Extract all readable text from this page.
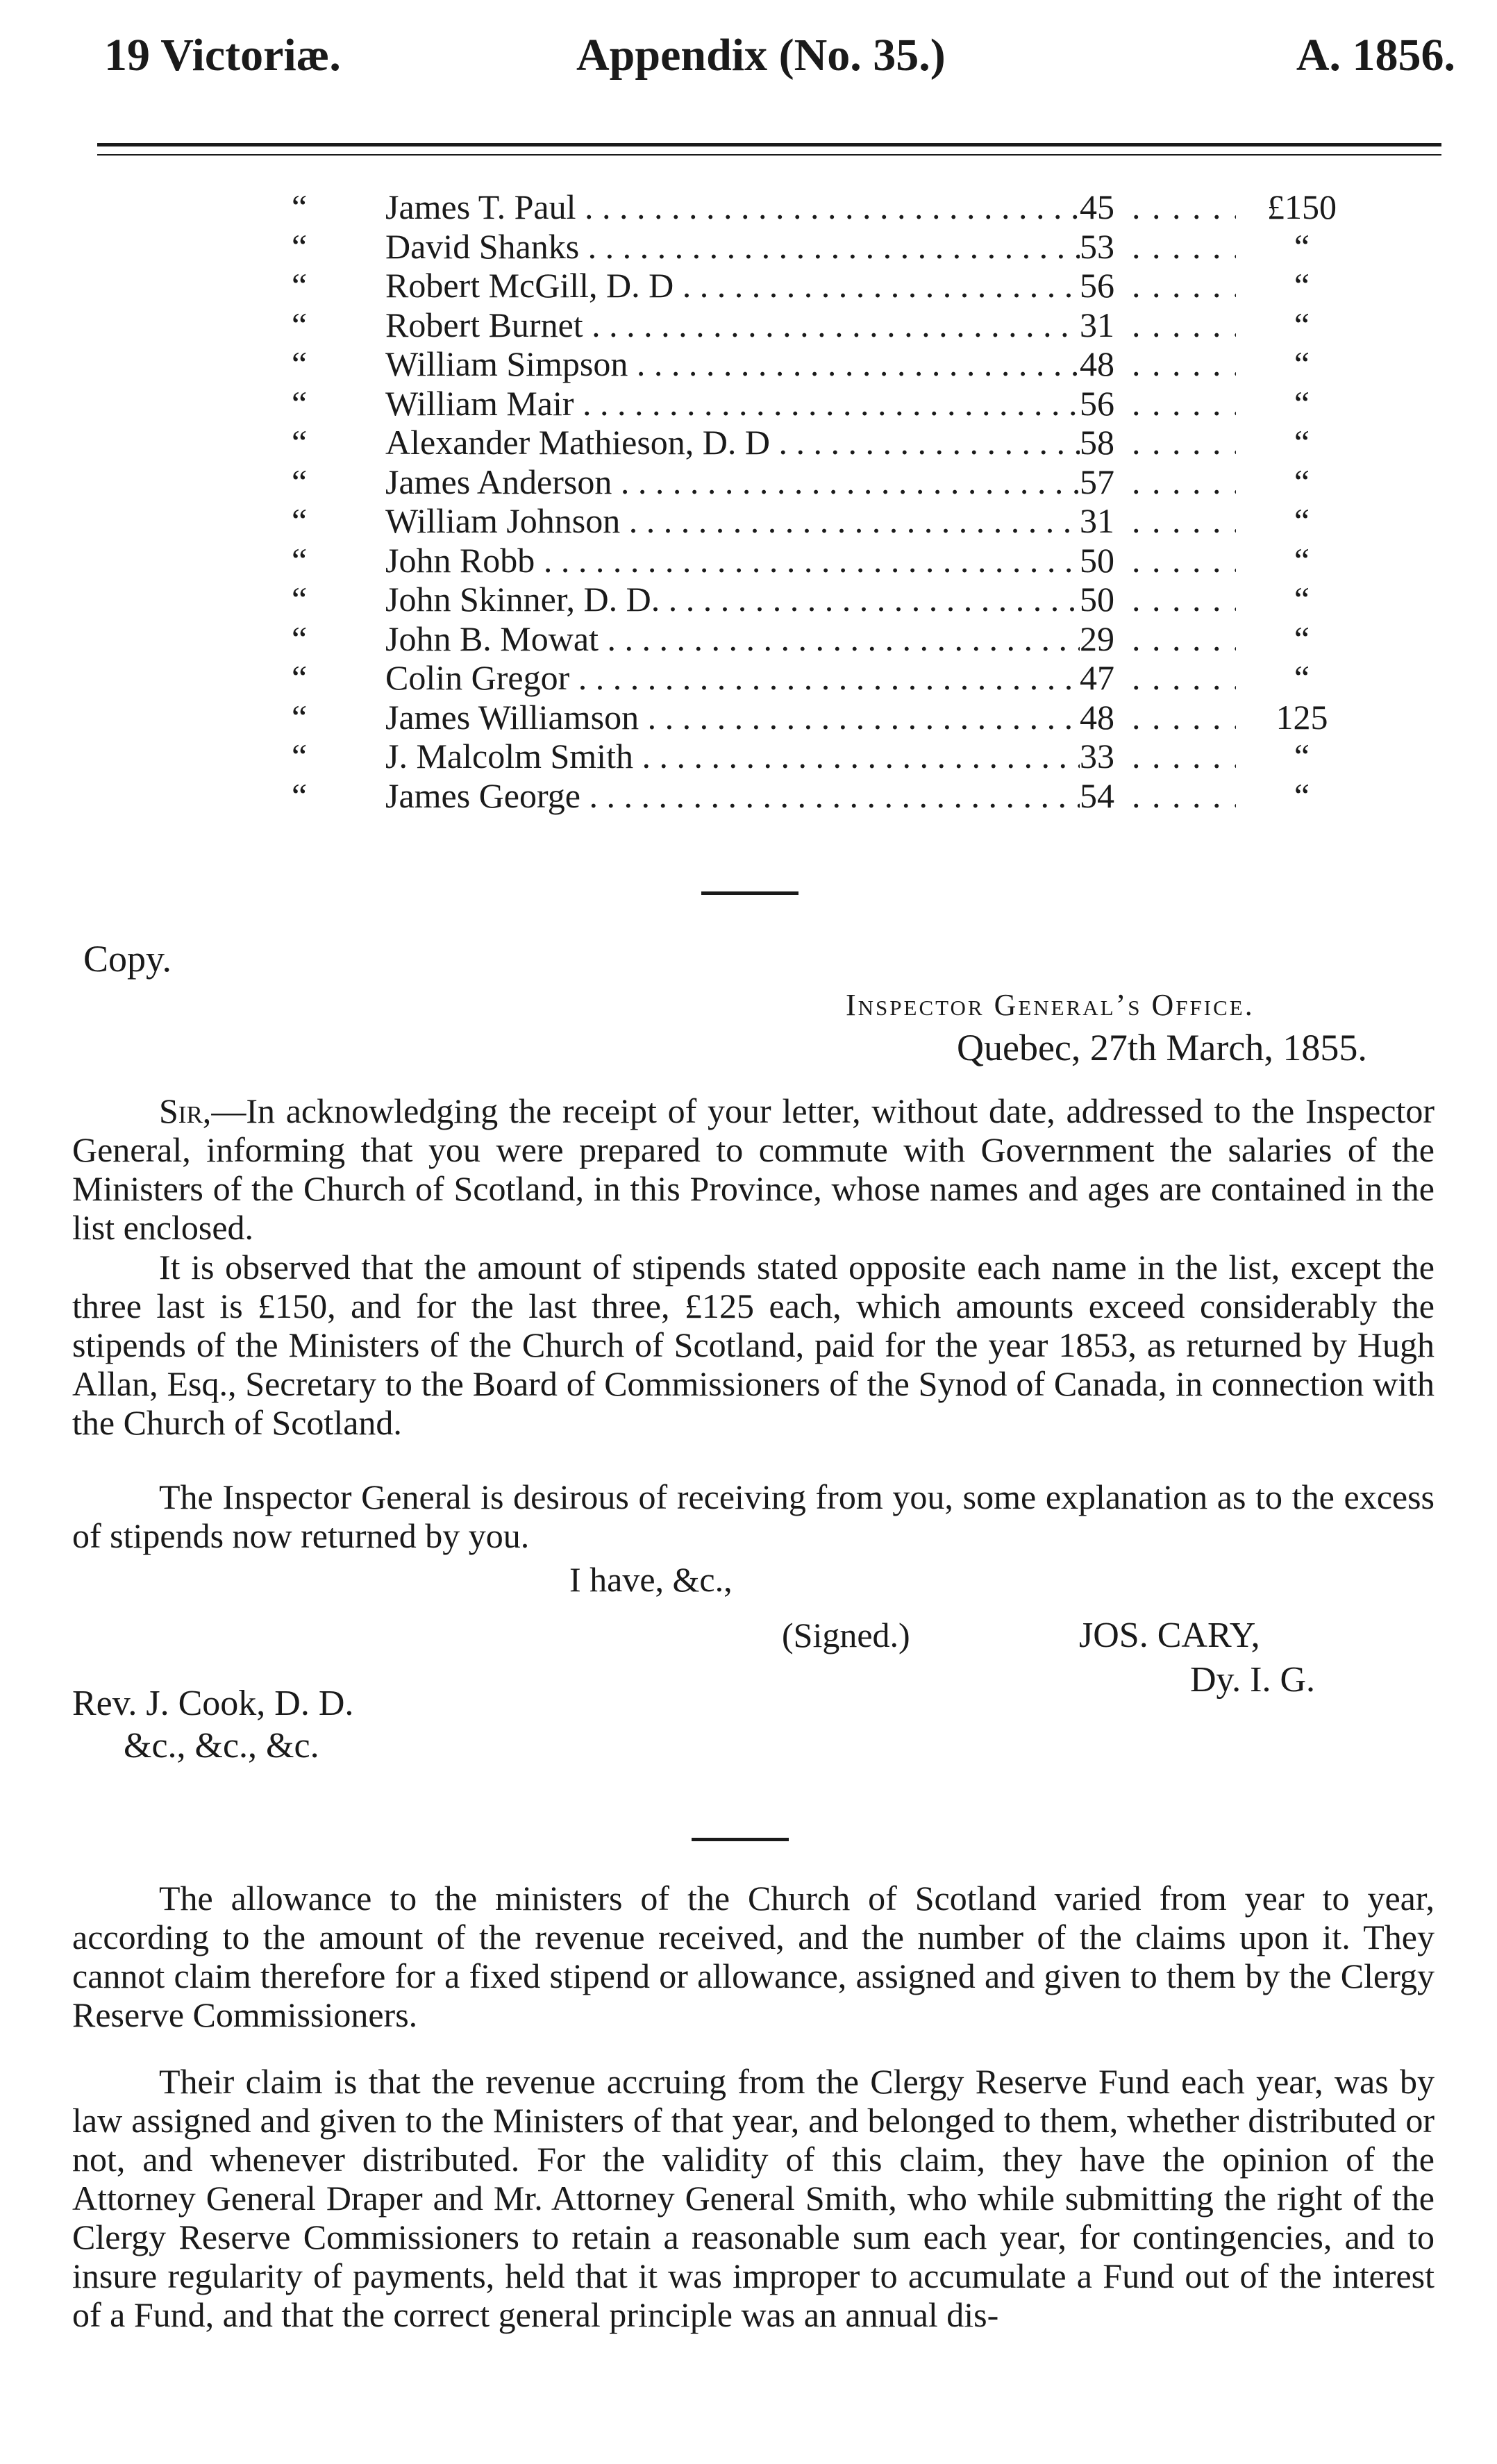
19 Victoriæ.	Appendix (No. 35.)	A. 1856.
“ James T. Paul . . .	45 . . .	£150
“ David Shanks . . .	53 . . .	“
“ Robert McGill, D. D . . .	56 . . .	“
“ Robert Burnet . . .	31 . . .	“
“ William Simpson . . .	48 . . .	“
“ William Mair . . .	56 . . .	“
“ Alexander Mathieson, D. D . . .	58 . . .	“
“ James Anderson . . .	57 . . .	“
“ William Johnson . . .	31 . . .	“
“ John Robb . . .	50 . . .	“
“ John Skinner, D. D. . . .	50 . . .	“
“ John B. Mowat . . .	29 . . .	“
“ Colin Gregor . . .	47 . . .	“
“ James Williamson . . .	48 . . .	125
“ J. Malcolm Smith . . .	33 . . .	“
“ James George . . .	54 . . .	“
Copy.
Inspector General’s Office.
Quebec, 27th March, 1855.

Sir,—In acknowledging the receipt of your letter, without date, addressed to the Inspector General, informing that you were prepared to commute with Government the salaries of the Ministers of the Church of Scotland, in this Province, whose names and ages are contained in the list enclosed.

It is observed that the amount of stipends stated opposite each name in the list, except the three last is £150, and for the last three, £125 each, which amounts exceed considerably the stipends of the Ministers of the Church of Scotland, paid for the year 1853, as returned by Hugh Allan, Esq., Secretary to the Board of Commissioners of the Synod of Canada, in connection with the Church of Scotland.

The Inspector General is desirous of receiving from you, some explanation as to the excess of stipends now returned by you.

I have, &c.,
(Signed.)	JOS. CARY,
Dy. I. G.
Rev. J. Cook, D. D.
&c., &c., &c.

The allowance to the ministers of the Church of Scotland varied from year to year, according to the amount of the revenue received, and the number of the claims upon it. They cannot claim therefore for a fixed stipend or allowance, assigned and given to them by the Clergy Reserve Commissioners.

Their claim is that the revenue accruing from the Clergy Reserve Fund each year, was by law assigned and given to the Ministers of that year, and belonged to them, whether distributed or not, and whenever distributed. For the validity of this claim, they have the opinion of the Attorney General Draper and Mr. Attorney General Smith, who while submitting the right of the Clergy Reserve Commissioners to retain a reasonable sum each year, for contingencies, and to insure regularity of payments, held that it was improper to accumulate a Fund out of the interest of a Fund, and that the correct general principle was an annual dis-
